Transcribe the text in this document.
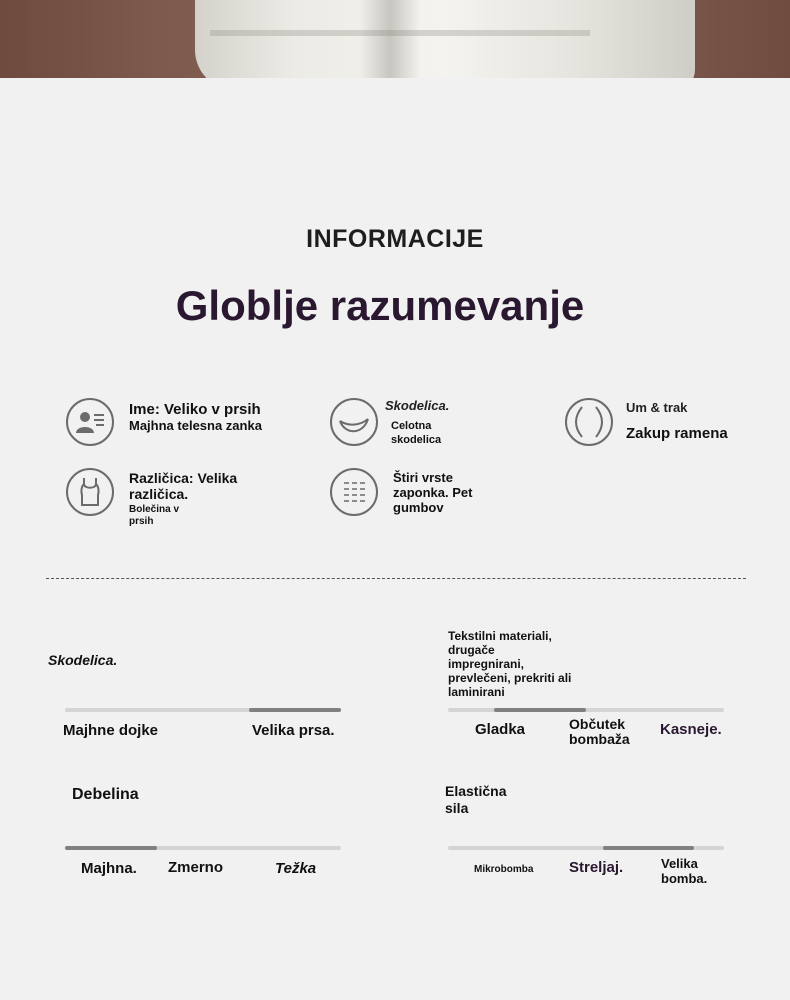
INFORMACIJE
Globlje razumevanje
Ime: Veliko v prsih
Majhna telesna zanka
Skodelica.
Celotna skodelica
Um & trak
Zakup ramena
Različica: Velika različica.
Bolečina v prsih
Štiri vrste zaponka. Pet gumbov
Skodelica.
Majhne dojke	Velika prsa.
Tekstilni materiali, drugače impregnirani, prevlečeni, prekriti ali laminirani
Gladka	Občutek bombaža
Kasneje.
Debelina
Majhna. Zmerno	Težka
Elastična sila
Mikrobomba Streljaj.	Velika bomba.
